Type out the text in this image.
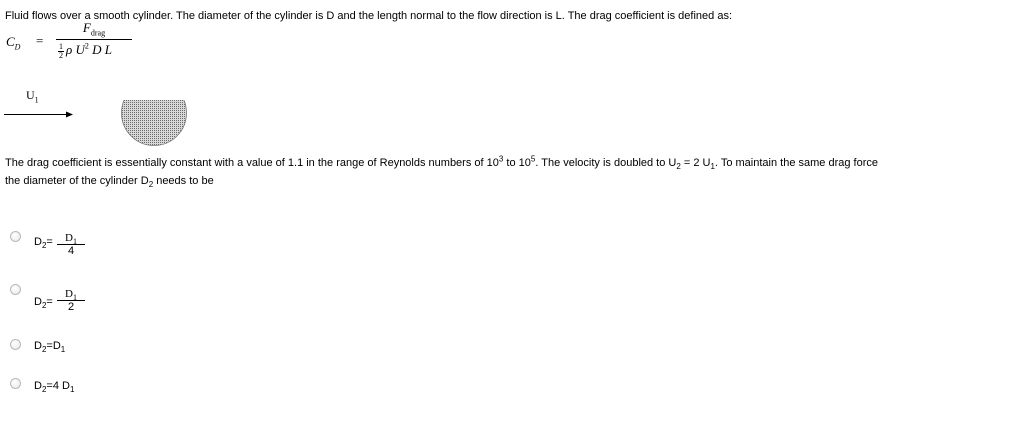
Fluid flows over a smooth cylinder. The diameter of the cylinder is D and the length normal to the flow direction is L. The drag coefficient is defined as:
$C_D$ =
$F_{drag}$
$\frac{1}{2}$ ρ $U^2$ D L
$U_1$
The drag coefficient is essentially constant with a value of 1.1 in the range of Reynolds numbers of $10^3$ to $10^5$. The velocity is doubled to $U_2 = 2$ $U_1$. To maintain the same drag force
the diameter of the cylinder $D_2$ needs to be
$D_2=$	$D_1$
4
$D_2=$
$D_1$
2
$D_2=D_1$
$D_2=4$ $D_1$
